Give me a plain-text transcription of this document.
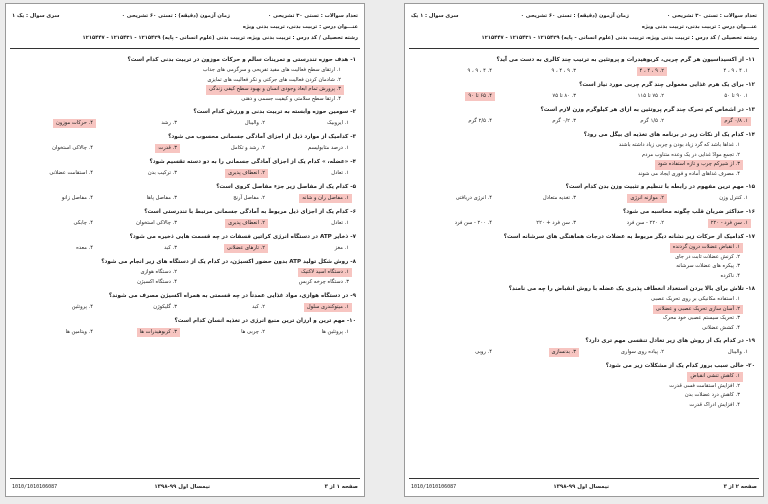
تعداد سوالات : تستی ۳۰ تشریحی ۰
زمان آزمون (دقیقه) : تستی ۶۰ تشریحی ۰
سری سوال : یک ۱
عنـــوان درس : تربیت بدنی، تربیت بدنی ویژه
رشته تحصیلی / کد درس : تربیت بدنی ویژه، تربیت بدنی (علوم انسانی - پایه) ۱۲۱۵۴۲۹ - ۱۲۱۵۴۳۱ - ۱۲۱۵۴۴۷
۱- هدف حوزه تندرستی و تمرینات سالم و حرکات موزون در تربیت بدنی کدام است؟
۱. ارتقای سطح فعالیت های مفید تفریحی و سرگرمی های جذاب
۲. شادمان کردن فعالیت های جرکتی و نکر فعالیت های تمایزی
۳. پرورش تمام ابعاد وجودی انسان و بهبود سطح کیفی زندگی
۴. ارتقا سطح سلامتی و کیفیت جسمی و ذهنی
۲- سومین حوزه وابسته به تربیت بدنی و ورزش کدام است؟
۱. ایروبیک
۲. والیبال
۳. رشد
۴. حرکات موزون
۳- کدامیک از موارد ذیل از اجزای آمادگی جسمانی محسوب می شود؟
۱. درصد متابولیسم
۲. رشد و تکامل
۳. قدرت
۴. چالاکی استخوان
۴- «عضله، » کدام یک از اجزای آمادگی جسمانی را به دو دسته تقسیم شود؟
۱. تعادل
۲. انعطاف پذیری
۳. ترکیب بدن
۴. استقامت عضلانی
۵- کدام یک از مفاصل زیر جزء مفاصل کروی است؟
۱. مفاصل ران و شانه
۲. مفاصل آرنج
۳. مفاصل پاها
۴. مفاصل زانو
۶- کدام یک از اجزای ذیل مربوط به آمادگی جسمانی مرتبط با تندرستی است؟
۱. تعادل
۲. انعطاف پذیری
۳. چالاکی استخوان
۴. چابکی
۷- ذخایر ATP در دستگاه انرژی کراتین فسفات در چه قسمت هایی ذخیره می شود؟
۱. مغز
۲. تارهای عضلانی
۳. کبد
۴. معده
۸- روش شکل تولید ATP بدون حضور اکسیژن، در کدام یک از دستگاه های زیر انجام می شود؟
۱. دستگاه اسید لاکتیک
۲. دستگاه هوازی
۳. دستگاه چرخه کربس
۴. دستگاه اکسیژن
۹- در دستگاه هوازی، مواد غذایی عمدتاً در چه قسمتی به همراه اکسیژن مصرف می شوند؟
۱. میتوکندری سلول
۲. کبد
۳. گلیکوژن
۴. پروتئین
۱۰- مهم ترین و ارزان ترین منبع انرژی در تغذیه انسان کدام است؟
۱. پروتئین ها
۲. چربی ها
۳. کربوهیدرات ها
۴. ویتامین ها
صفحه ۱ از ۳
نیمسال اول ۹۹-۱۳۹۸
1010/1010106087
تعداد سوالات : تستی ۳۰ تشریحی ۰
زمان آزمون (دقیقه) : تستی ۶۰ تشریحی ۰
سری سوال : ۱ یک
عنـــوان درس : تربیت بدنی، تربیت بدنی ویژه
رشته تحصیلی / کد درس : تربیت بدنی ویژه، تربیت بدنی (علوم انسانی - پایه) ۱۲۱۵۴۲۹ - ۱۲۱۵۴۳۱ - ۱۲۱۵۴۴۷
۱۱- از اکسیداسیون هر گرم چربی، کربوهیدرات و پروتئین به ترتیب چند کالری به دست می آید؟
۱. ۴ ، ۹ ، ۴
۲. ۹ ، ۴ ، ۴
۳. ۹ ، ۴ ، ۹
۴. ۴ ، ۹ ، ۹
۱۲- برای یک هرم غذایی معمولی چند گرم چربی مورد نیاز است؟
۱. ۹۰ تا ۵۰
۲. ۷۵ تا ۱۱۵
۳. ۸۰ تا ۷۵
۴. ۶۵ تا ۹۰
۱۳- در اشخاص کم تحرک چند گرم پروتئین به ازای هر کیلوگرم وزن لازم است؟
۱. ۰/۸ گرم
۲. ۱/۵ گرم
۳. ۰/۲ گرم
۴. ۲/۵ گرم
۱۴- کدام یک از نکات زیر در برنامه های تغذیه ای بیگل می رود؟
۱. غذاها باشد که گرد زیاد بودن و چربی زیاد داشته باشند
۲. تجمع موادّ غذایی در یک وعده متناوب مردم
۳. از شیرکم چرب و تازه استفاده شود
۴. مصرف غذاهای آماده و فوری ایجاد می شوند
۱۵- مهم ترین مفهوم در رابطه با تنظیم و تثبیت وزن بدن کدام است؟
۱. کنترل وزن
۲. موازنه انرژی
۳. تغذیه متعادل
۴. انرژی دریافتی
۱۶- حداکثر ضربان قلب چگونه محاسبه می شود؟
۱. سن فرد - ۲۲۰
۲. ۲۲۰ - سن فرد
۳. سن فرد + ۲۲۰
۴. ۲۰۰ - سن فرد
۱۷- کدامیک از حرکات زیر نشانه دیگر مربوط به عضلات درجات هماهنگی های سرشانه است؟
۱. انقباض عضلات درون گردنده
۲. کرنش عضلات ثابت در جای
۳. پیکره های عضلات سرشانه
۴. ناکرده
۱۸- تلاش برای بالا بردن استعداد انعطاف پذیری یک عضله با روش انقباض را چه می نامند؟
۱. استفاده مکانیکی بر روی تحریک عصبی
۲. آسان سازی تحریک عصبی و عضلانی
۳. تحریک سیستم عصبی خود محرک
۴. کشش عضلانی
۱۹- در کدام یک از روش های زیر تعادل تنفسی مهم تری دارد؟
۱. والیبال
۲. پیاده روی سواری
۳. بدنسازی
۴. روبی
۲۰- خالی سبب بروز کدام یک از مشکلات زیر می شود؟
۱. کاهش تنشی انقباض
۲. افزایش استقامت فسی قدرت
۳. کاهش درد عضلات بدن
۴. افزایش ادراک قدرت
صفحه ۲ از ۳
نیمسال اول ۹۹-۱۳۹۸
1010/1010106087
